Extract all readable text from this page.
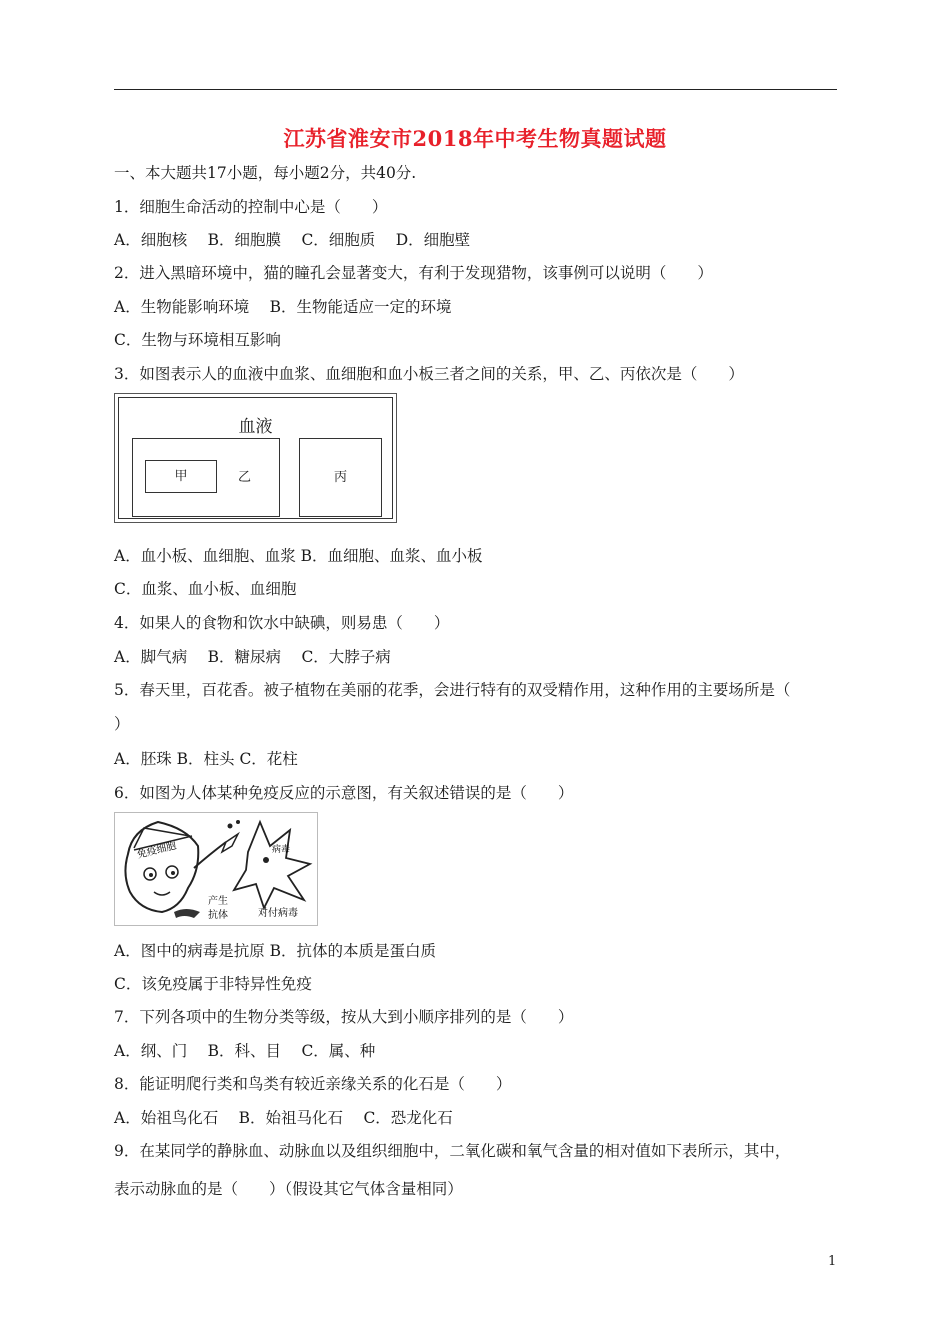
江苏省淮安市2018年中考生物真题试题
一、本大题共17小题，每小题2分，共40分.
1．细胞生命活动的控制中心是（　　）
A．细胞核　 B．细胞膜　 C．细胞质　 D．细胞壁
2．进入黑暗环境中，猫的瞳孔会显著变大，有利于发现猎物，该事例可以说明（　　）
A．生物能影响环境　 B．生物能适应一定的环境
C．生物与环境相互影响
3．如图表示人的血液中血浆、血细胞和血小板三者之间的关系，甲、乙、丙依次是（　　）
血液
甲	乙	丙
A．血小板、血细胞、血浆 B．血细胞、血浆、血小板
C．血浆、血小板、血细胞
4．如果人的食物和饮水中缺碘，则易患（　　）
A．脚气病　 B．糖尿病　 C．大脖子病
5．春天里，百花香。被子植物在美丽的花季，会进行特有的双受精作用，这种作用的主要场所是（
）
A．胚珠 B．柱头 C．花柱
6．如图为人体某种免疫反应的示意图，有关叙述错误的是（　　）
免疫细胞	病毒
产生
抗体	对付病毒
A．图中的病毒是抗原 B．抗体的本质是蛋白质
C．该免疫属于非特异性免疫
7．下列各项中的生物分类等级，按从大到小顺序排列的是（　　）
A．纲、门　 B．科、目　 C．属、种
8．能证明爬行类和鸟类有较近亲缘关系的化石是（　　）
A．始祖鸟化石　 B．始祖马化石　 C．恐龙化石
9．在某同学的静脉血、动脉血以及组织细胞中，二氧化碳和氧气含量的相对值如下表所示，其中，
表示动脉血的是（　　）（假设其它气体含量相同）
1
